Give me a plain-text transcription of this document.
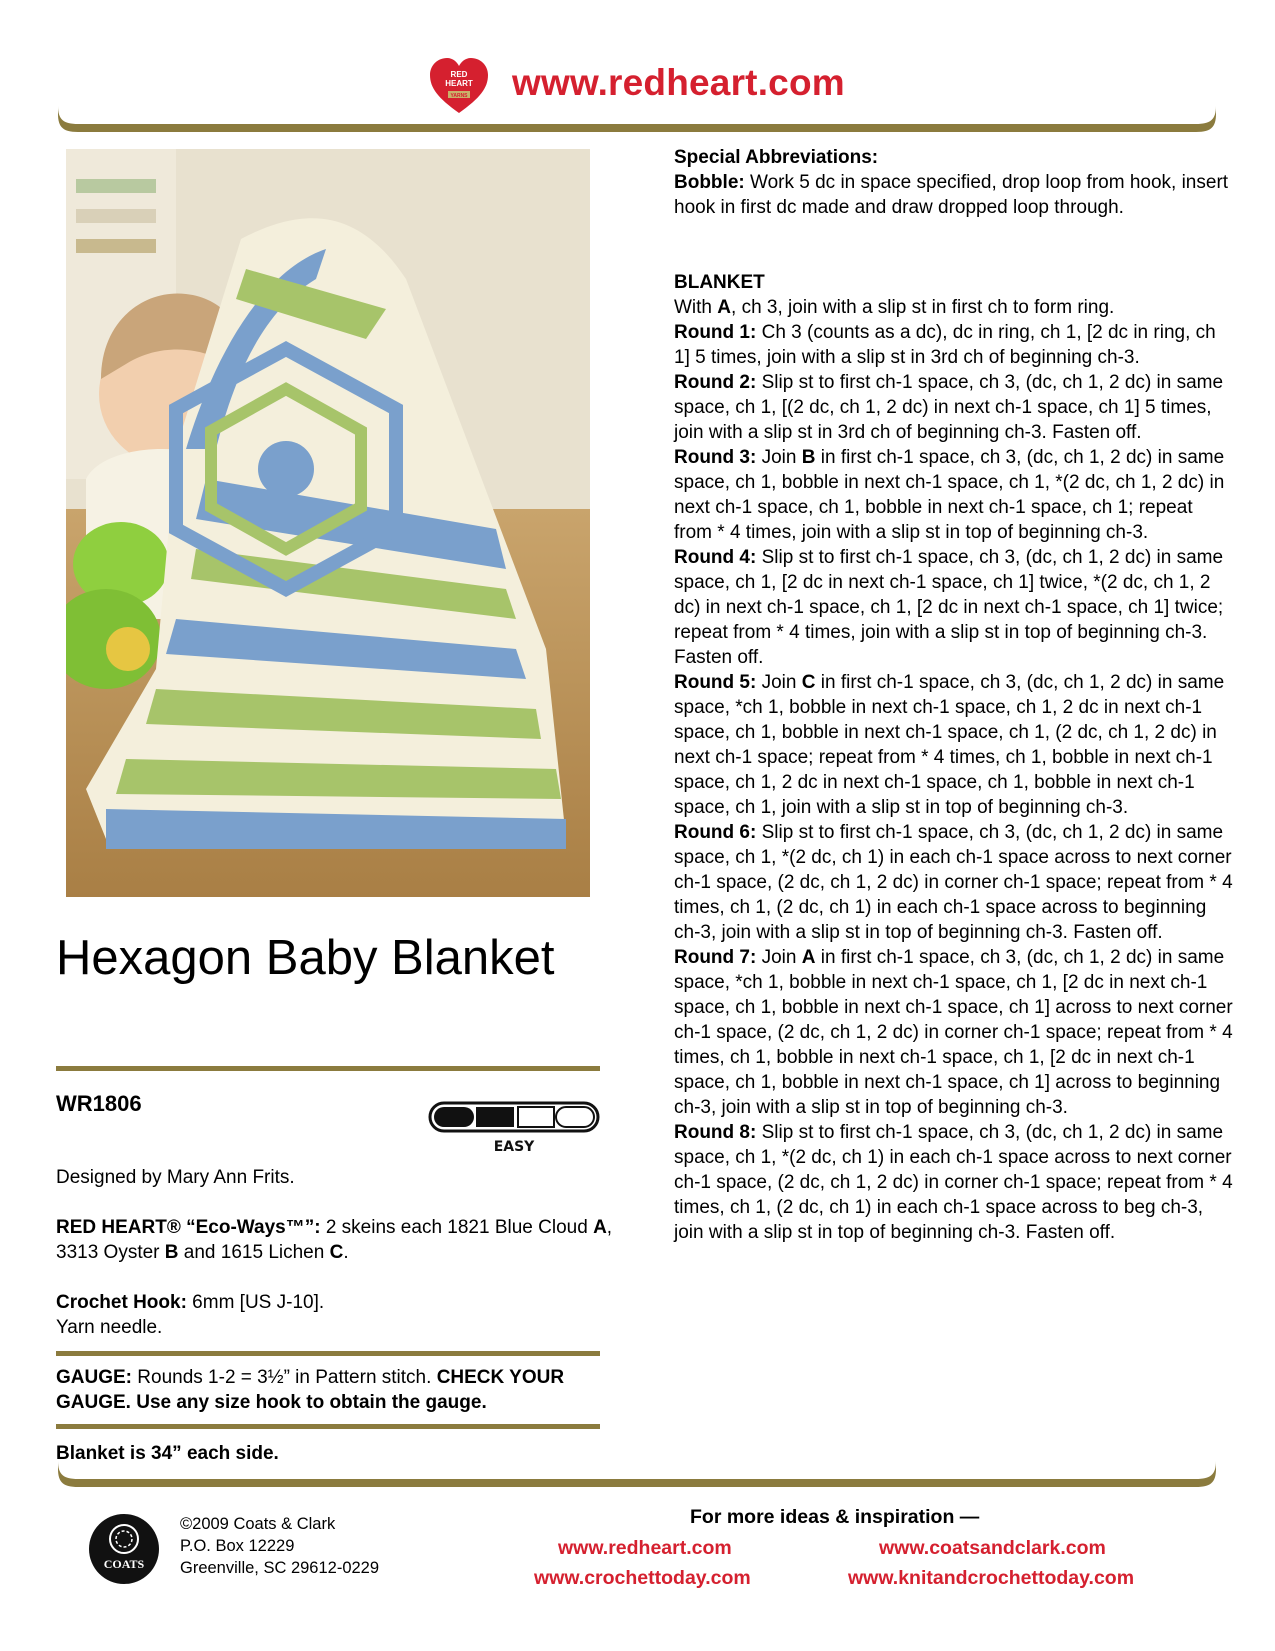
RED
HEART
YARNS www.redheart.com
Hexagon Baby Blanket
WR1806
EASY
Designed by Mary Ann Frits.
RED HEART® “Eco-Ways™”: 2 skeins each 1821 Blue Cloud A, 3313 Oyster B and 1615 Lichen C.
Crochet Hook: 6mm [US J-10].
Yarn needle.
GAUGE: Rounds 1-2 = 3½” in Pattern stitch. CHECK YOUR GAUGE. Use any size hook to obtain the gauge.
Blanket is 34” each side.

Special Abbreviations:

Bobble: Work 5 dc in space specified, drop loop from hook, insert hook in first dc made and draw dropped loop through.

BLANKET

With A, ch 3, join with a slip st in first ch to form ring.

Round 1: Ch 3 (counts as a dc), dc in ring, ch 1, [2 dc in ring, ch 1] 5 times, join with a slip st in 3rd ch of beginning ch-3.

Round 2: Slip st to first ch-1 space, ch 3, (dc, ch 1, 2 dc) in same space, ch 1, [(2 dc, ch 1, 2 dc) in next ch-1 space, ch 1] 5 times, join with a slip st in 3rd ch of beginning ch-3. Fasten off.

Round 3: Join B in first ch-1 space, ch 3, (dc, ch 1, 2 dc) in same space, ch 1, bobble in next ch-1 space, ch 1, *(2 dc, ch 1, 2 dc) in next ch-1 space, ch 1, bobble in next ch-1 space, ch 1; repeat from * 4 times, join with a slip st in top of beginning ch-3.

Round 4: Slip st to first ch-1 space, ch 3, (dc, ch 1, 2 dc) in same space, ch 1, [2 dc in next ch-1 space, ch 1] twice, *(2 dc, ch 1, 2 dc) in next ch-1 space, ch 1, [2 dc in next ch-1 space, ch 1] twice; repeat from * 4 times, join with a slip st in top of beginning ch-3. Fasten off.

Round 5: Join C in first ch-1 space, ch 3, (dc, ch 1, 2 dc) in same space, *ch 1, bobble in next ch-1 space, ch 1, 2 dc in next ch-1 space, ch 1, bobble in next ch-1 space, ch 1, (2 dc, ch 1, 2 dc) in next ch-1 space; repeat from * 4 times, ch 1, bobble in next ch-1 space, ch 1, 2 dc in next ch-1 space, ch 1, bobble in next ch-1 space, ch 1, join with a slip st in top of beginning ch-3.

Round 6: Slip st to first ch-1 space, ch 3, (dc, ch 1, 2 dc) in same space, ch 1, *(2 dc, ch 1) in each ch-1 space across to next corner ch-1 space, (2 dc, ch 1, 2 dc) in corner ch-1 space; repeat from * 4 times, ch 1, (2 dc, ch 1) in each ch-1 space across to beginning ch-3, join with a slip st in top of beginning ch-3. Fasten off.

Round 7: Join A in first ch-1 space, ch 3, (dc, ch 1, 2 dc) in same space, *ch 1, bobble in next ch-1 space, ch 1, [2 dc in next ch-1 space, ch 1, bobble in next ch-1 space, ch 1] across to next corner ch-1 space, (2 dc, ch 1, 2 dc) in corner ch-1 space; repeat from * 4 times, ch 1, bobble in next ch-1 space, ch 1, [2 dc in next ch-1 space, ch 1, bobble in next ch-1 space, ch 1] across to beginning ch-3, join with a slip st in top of beginning ch-3.

Round 8: Slip st to first ch-1 space, ch 3, (dc, ch 1, 2 dc) in same space, ch 1, *(2 dc, ch 1) in each ch-1 space across to next corner ch-1 space, (2 dc, ch 1, 2 dc) in corner ch-1 space; repeat from * 4 times, ch 1, (2 dc, ch 1) in each ch-1 space across to beg ch-3, join with a slip st in top of beginning ch-3. Fasten off.

COATS
©2009 Coats & Clark
P.O. Box 12229
Greenville, SC 29612-0229
For more ideas & inspiration —
www.redheart.com	www.coatsandclark.com
www.crochettoday.com	www.knitandcrochettoday.com
